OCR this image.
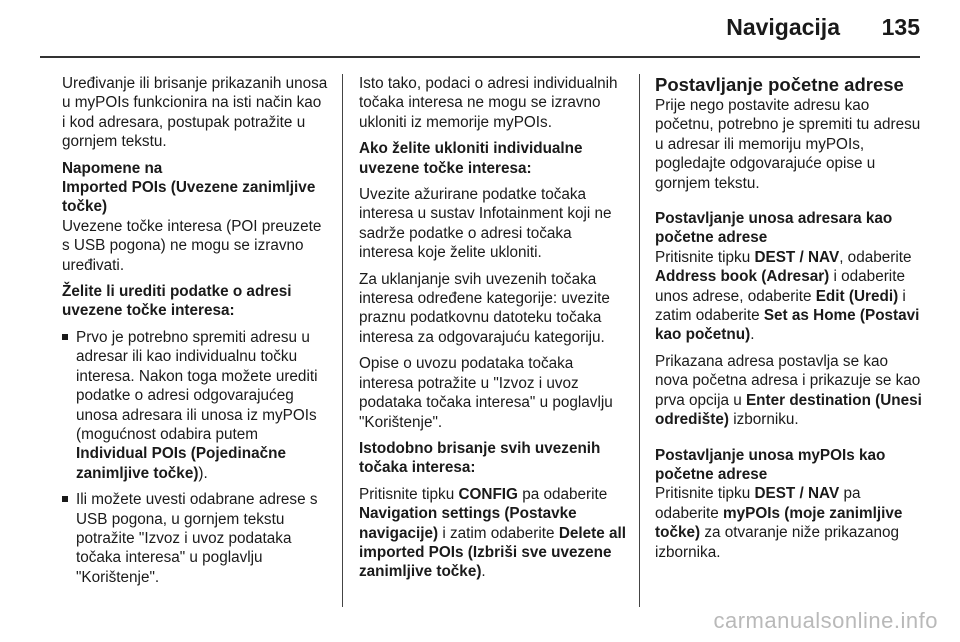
Navigacija 135

Uređivanje ili brisanje prikazanih unosa u myPOIs funkcionira na isti način kao i kod adresara, postupak potražite u gornjem tekstu.

Napomene na
Imported POIs (Uvezene zanimljive točke)

Uvezene točke interesa (POI preuzete s USB pogona) ne mogu se izravno uređivati.

Želite li urediti podatke o adresi uvezene točke interesa:

Prvo je potrebno spremiti adresu u adresar ili kao individualnu točku interesa. Nakon toga možete urediti podatke o adresi odgovarajućeg unosa adresara ili unosa iz myPOIs (mogućnost odabira putem Individual POIs (Pojedinačne zanimljive točke)).
Ili možete uvesti odabrane adrese s USB pogona, u gornjem tekstu potražite "Izvoz i uvoz podataka točaka interesa" u poglavlju "Korištenje".

Isto tako, podaci o adresi individualnih točaka interesa ne mogu se izravno ukloniti iz memorije myPOIs.

Ako želite ukloniti individualne uvezene točke interesa:

Uvezite ažurirane podatke točaka interesa u sustav Infotainment koji ne sadrže podatke o adresi točaka interesa koje želite ukloniti.

Za uklanjanje svih uvezenih točaka interesa određene kategorije: uvezite praznu podatkovnu datoteku točaka interesa za odgovarajuću kategoriju.

Opise o uvozu podataka točaka interesa potražite u "Izvoz i uvoz podataka točaka interesa" u poglavlju "Korištenje".

Istodobno brisanje svih uvezenih točaka interesa:

Pritisnite tipku CONFIG pa odaberite Navigation settings (Postavke navigacije) i zatim odaberite Delete all imported POIs (Izbriši sve uvezene zanimljive točke).

Postavljanje početne adrese

Prije nego postavite adresu kao početnu, potrebno je spremiti tu adresu u adresar ili memoriju myPOIs, pogledajte odgovarajuće opise u gornjem tekstu.

Postavljanje unosa adresara kao početne adrese

Pritisnite tipku DEST / NAV, odaberite Address book (Adresar) i odaberite unos adrese, odaberite Edit (Uredi) i zatim odaberite Set as Home (Postavi kao početnu).

Prikazana adresa postavlja se kao nova početna adresa i prikazuje se kao prva opcija u Enter destination (Unesi odredište) izborniku.

Postavljanje unosa myPOIs kao početne adrese

Pritisnite tipku DEST / NAV pa odaberite myPOIs (moje zanimljive točke) za otvaranje niže prikazanog izbornika.

carmanualsonline.info
